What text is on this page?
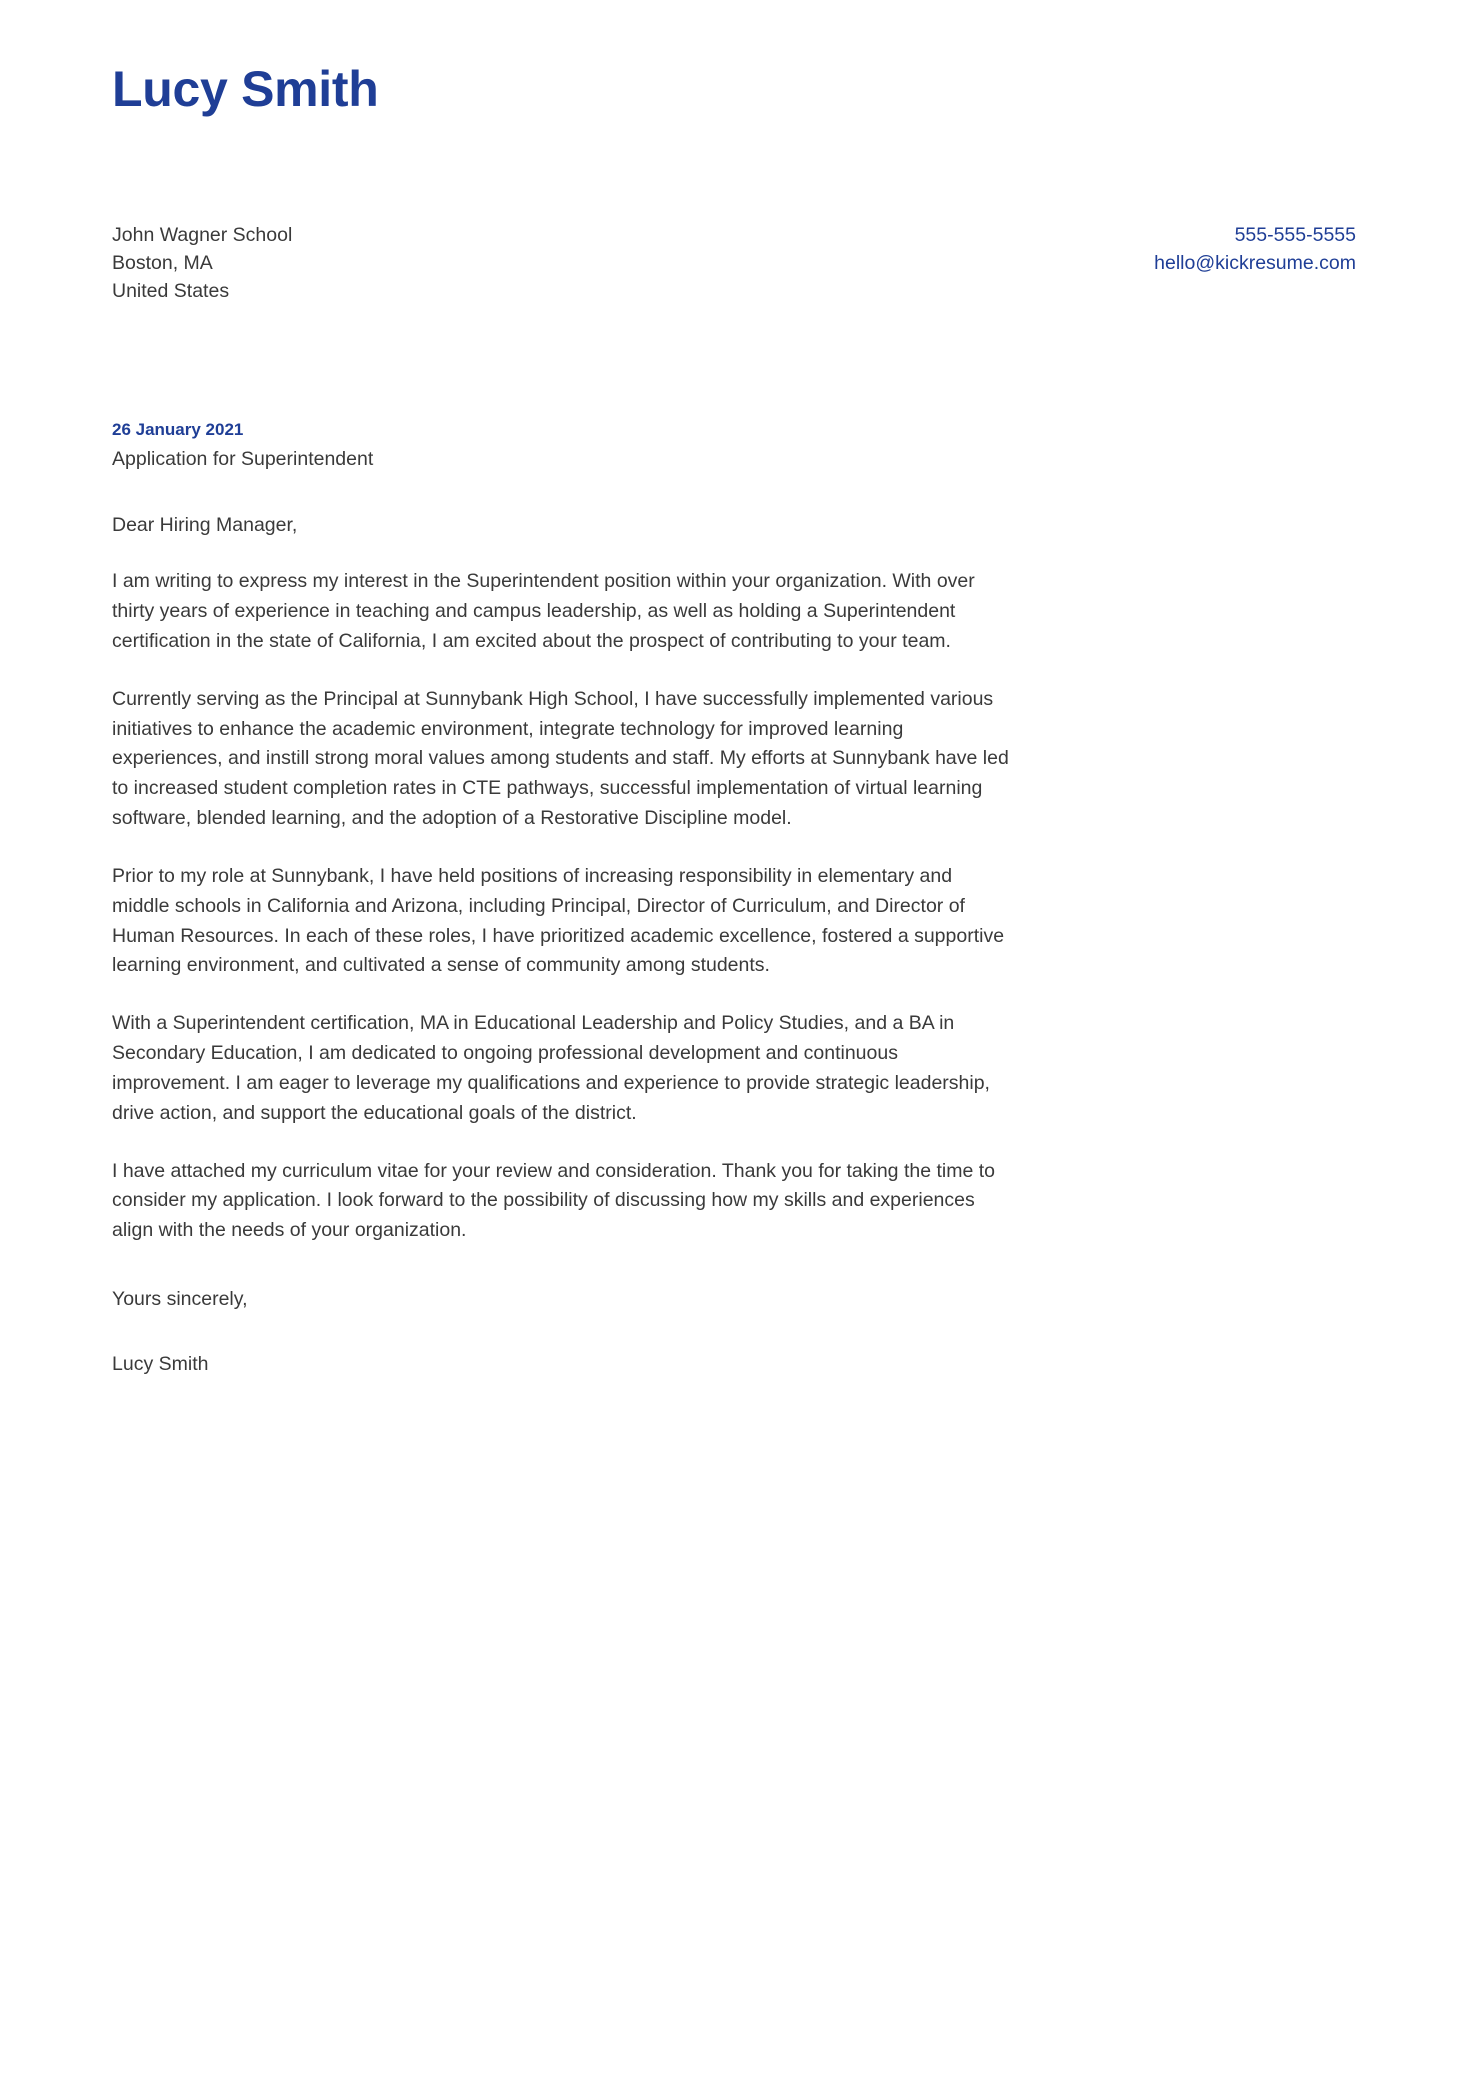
Lucy Smith
John Wagner School
Boston, MA
United States
555-555-5555
hello@kickresume.com

26 January 2021

Application for Superintendent

Dear Hiring Manager,

I am writing to express my interest in the Superintendent position within your organization. With over thirty years of experience in teaching and campus leadership, as well as holding a Superintendent certification in the state of California, I am excited about the prospect of contributing to your team.

Currently serving as the Principal at Sunnybank High School, I have successfully implemented various initiatives to enhance the academic environment, integrate technology for improved learning experiences, and instill strong moral values among students and staff. My efforts at Sunnybank have led to increased student completion rates in CTE pathways, successful implementation of virtual learning software, blended learning, and the adoption of a Restorative Discipline model.

Prior to my role at Sunnybank, I have held positions of increasing responsibility in elementary and middle schools in California and Arizona, including Principal, Director of Curriculum, and Director of Human Resources. In each of these roles, I have prioritized academic excellence, fostered a supportive learning environment, and cultivated a sense of community among students.

With a Superintendent certification, MA in Educational Leadership and Policy Studies, and a BA in Secondary Education, I am dedicated to ongoing professional development and continuous improvement. I am eager to leverage my qualifications and experience to provide strategic leadership, drive action, and support the educational goals of the district.

I have attached my curriculum vitae for your review and consideration. Thank you for taking the time to consider my application. I look forward to the possibility of discussing how my skills and experiences align with the needs of your organization.

Yours sincerely,

Lucy Smith
